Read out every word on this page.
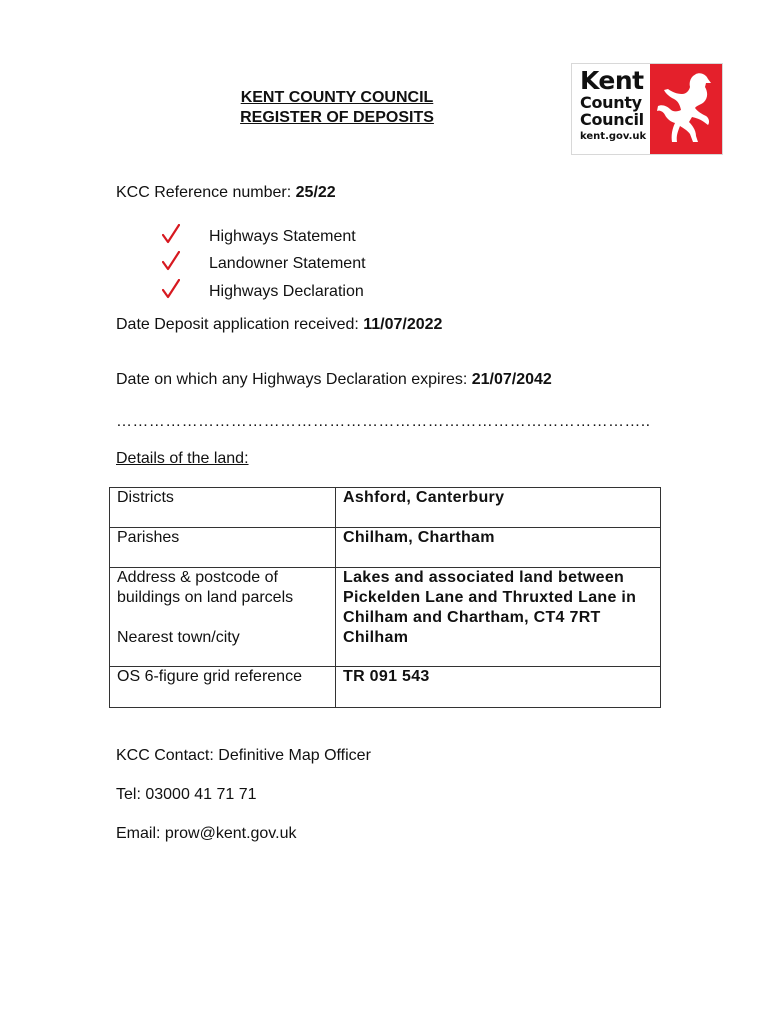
KENT COUNTY COUNCIL
REGISTER OF DEPOSITS
Kent
County
Council
kent.gov.uk
KCC Reference number: 25/22
Highways Statement
Landowner Statement
Highways Declaration
Date Deposit application received: 11/07/2022
Date on which any Highways Declaration expires: 21/07/2042
……………………………………………………………………………………..
Details of the land:
Districts	Ashford, Canterbury
Parishes	Chilham, Chartham
Address & postcode of buildings on land parcels	Lakes and associated land between Pickelden Lane and Thruxted Lane in Chilham and Chartham, CT4 7RT
Nearest town/city	Chilham
OS 6-figure grid reference	TR 091 543
KCC Contact: Definitive Map Officer
Tel: 03000 41 71 71
Email: prow@kent.gov.uk
